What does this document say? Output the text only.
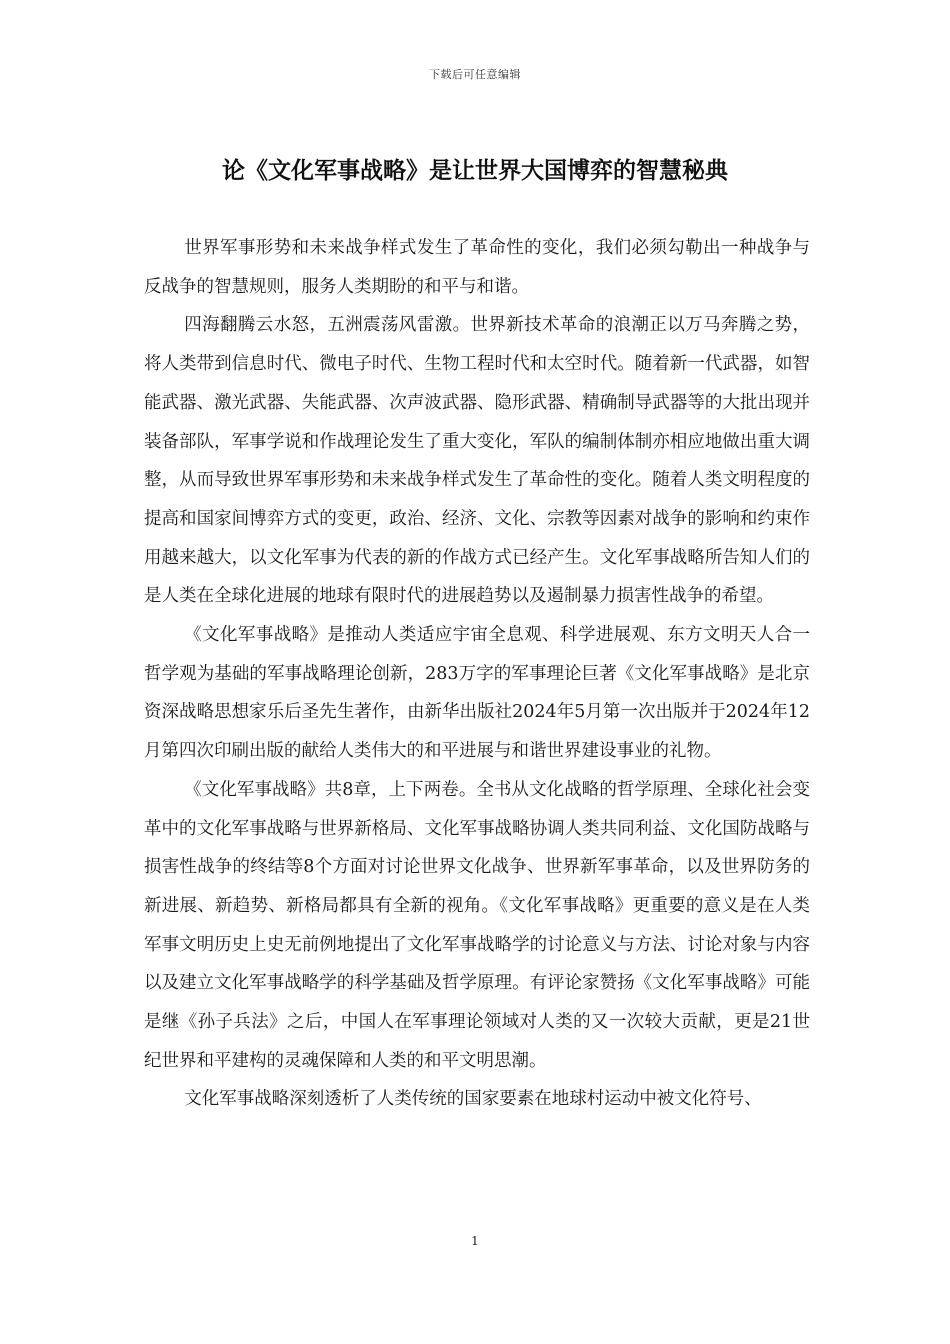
下载后可任意编辑
论《文化军事战略》是让世界大国博弈的智慧秘典

世界军事形势和未来战争样式发生了革命性的变化，我们必须勾勒出一种战争与反战争的智慧规则，服务人类期盼的和平与和谐。

四海翻腾云水怒，五洲震荡风雷激。世界新技术革命的浪潮正以万马奔腾之势，将人类带到信息时代、微电子时代、生物工程时代和太空时代。随着新一代武器，如智能武器、激光武器、失能武器、次声波武器、隐形武器、精确制导武器等的大批出现并装备部队，军事学说和作战理论发生了重大变化，军队的编制体制亦相应地做出重大调整，从而导致世界军事形势和未来战争样式发生了革命性的变化。随着人类文明程度的提高和国家间博弈方式的变更，政治、经济、文化、宗教等因素对战争的影响和约束作用越来越大，以文化军事为代表的新的作战方式已经产生。文化军事战略所告知人们的是人类在全球化进展的地球有限时代的进展趋势以及遏制暴力损害性战争的希望。

《文化军事战略》是推动人类适应宇宙全息观、科学进展观、东方文明天人合一哲学观为基础的军事战略理论创新，283万字的军事理论巨著《文化军事战略》是北京资深战略思想家乐后圣先生著作，由新华出版社2024年5月第一次出版并于2024年12月第四次印刷出版的献给人类伟大的和平进展与和谐世界建设事业的礼物。

《文化军事战略》共8章，上下两卷。全书从文化战略的哲学原理、全球化社会变革中的文化军事战略与世界新格局、文化军事战略协调人类共同利益、文化国防战略与损害性战争的终结等8个方面对讨论世界文化战争、世界新军事革命，以及世界防务的新进展、新趋势、新格局都具有全新的视角。《文化军事战略》更重要的意义是在人类军事文明历史上史无前例地提出了文化军事战略学的讨论意义与方法、讨论对象与内容以及建立文化军事战略学的科学基础及哲学原理。有评论家赞扬《文化军事战略》可能是继《孙子兵法》之后，中国人在军事理论领域对人类的又一次较大贡献，更是21世纪世界和平建构的灵魂保障和人类的和平文明思潮。

文化军事战略深刻透析了人类传统的国家要素在地球村运动中被文化符号、

1
